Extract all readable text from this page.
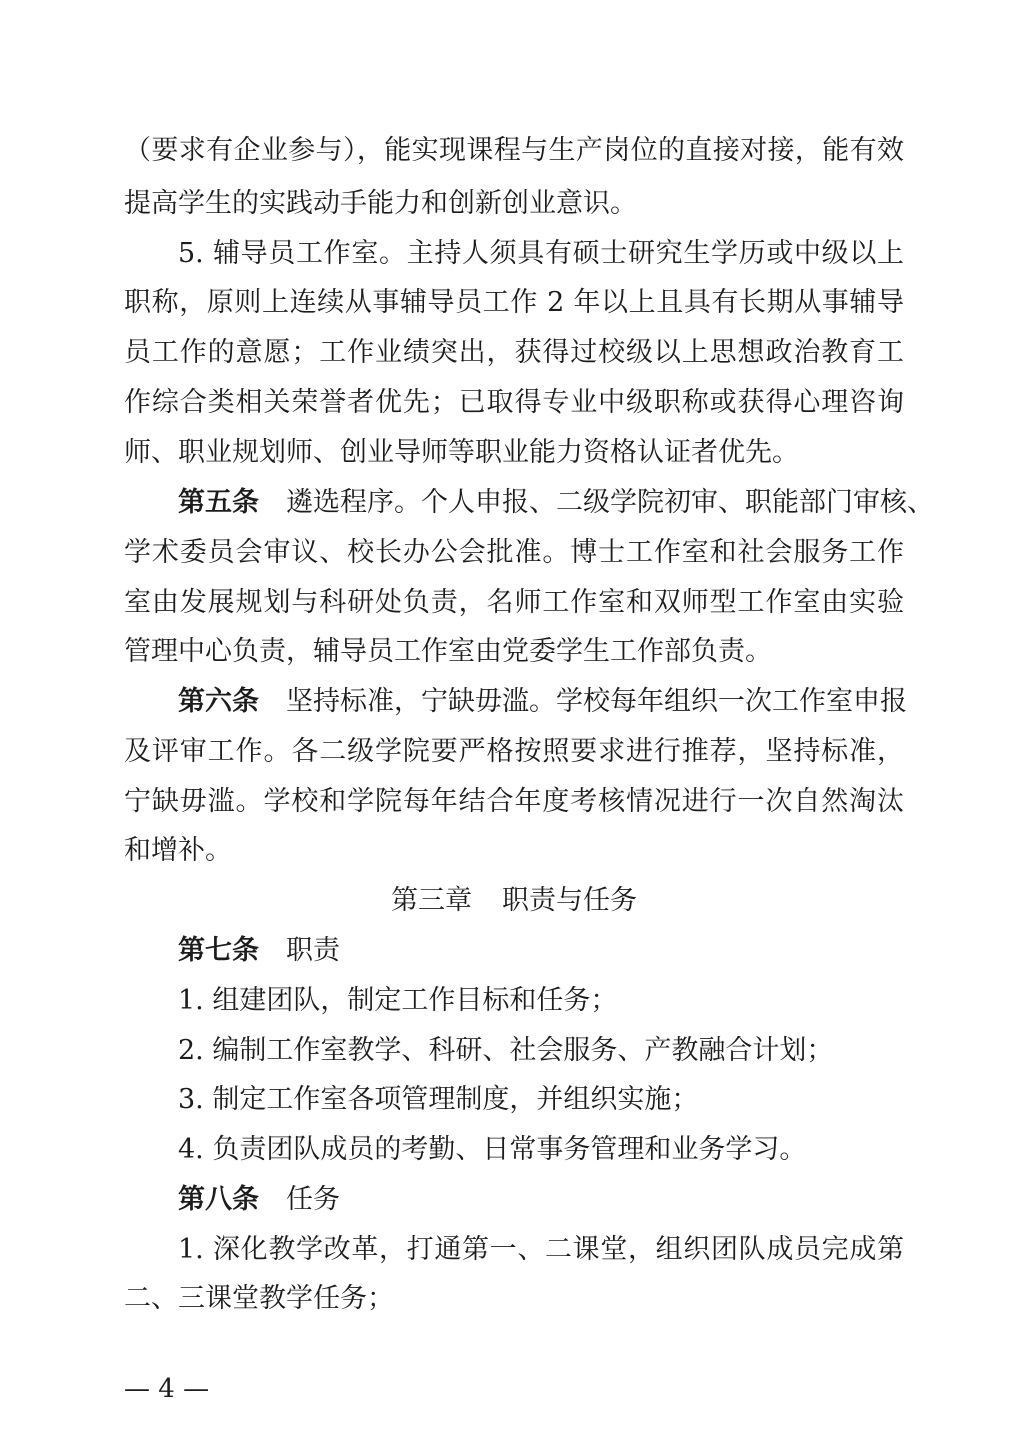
（要求有企业参与），能实现课程与生产岗位的直接对接，能有效
提高学生的实践动手能力和创新创业意识。
5. 辅导员工作室。主持人须具有硕士研究生学历或中级以上
职称，原则上连续从事辅导员工作 2 年以上且具有长期从事辅导
员工作的意愿；工作业绩突出，获得过校级以上思想政治教育工
作综合类相关荣誉者优先；已取得专业中级职称或获得心理咨询
师、职业规划师、创业导师等职业能力资格认证者优先。
第五条　 遴选程序。个人申报、二级学院初审、职能部门审核、
学术委员会审议、校长办公会批准。博士工作室和社会服务工作
室由发展规划与科研处负责，名师工作室和双师型工作室由实验
管理中心负责，辅导员工作室由党委学生工作部负责。
第六条　 坚持标准，宁缺毋滥。学校每年组织一次工作室申报
及评审工作。各二级学院要严格按照要求进行推荐，坚持标准，
宁缺毋滥。学校和学院每年结合年度考核情况进行一次自然淘汰
和增补。
第三章 职责与任务
第七条　 职责
1. 组建团队，制定工作目标和任务；
2. 编制工作室教学、科研、社会服务、产教融合计划；
3. 制定工作室各项管理制度，并组织实施；
4. 负责团队成员的考勤、日常事务管理和业务学习。
第八条　 任务
1. 深化教学改革，打通第一、二课堂，组织团队成员完成第
二、三课堂教学任务；
— 4 —
